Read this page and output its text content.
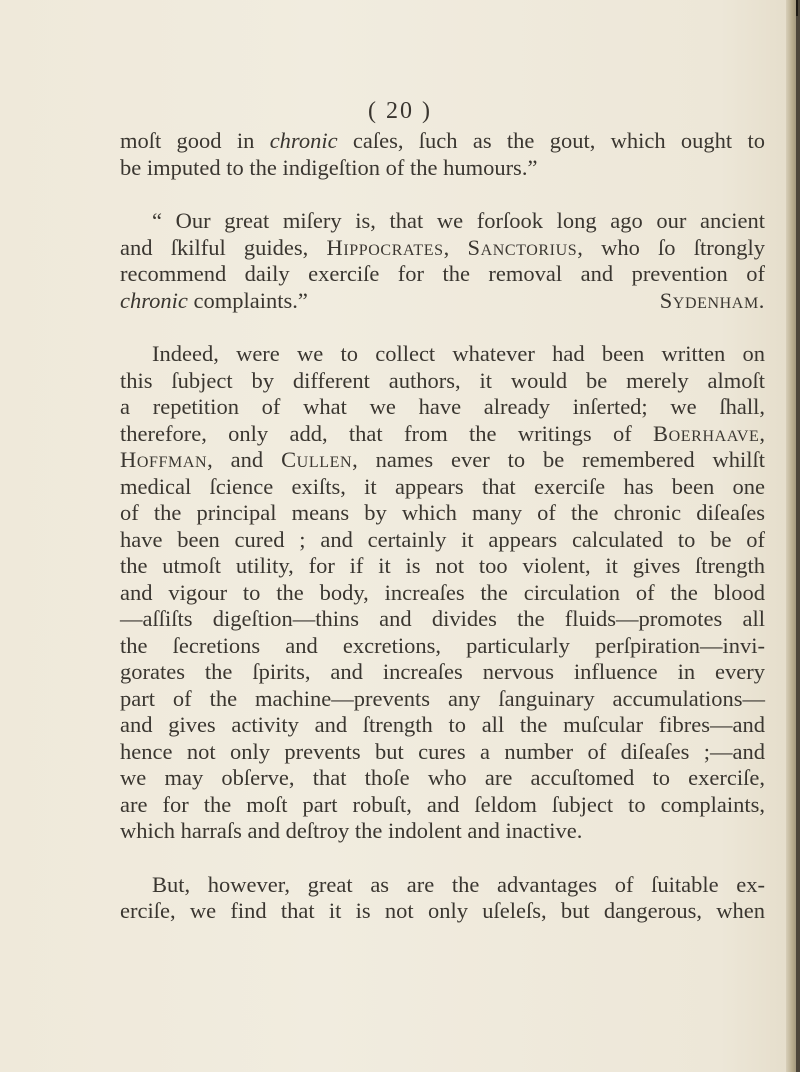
( 20 )
moſt good in chronic caſes, ſuch as the gout, which ought to
be imputed to the indigeſtion of the humours.”
“ Our great miſery is, that we forſook long ago our ancient
and ſkilful guides, Hippocrates, Sanctorius, who ſo ſtrongly
recommend daily exerciſe for the removal and prevention of
chronic complaints.”	Sydenham.
Indeed, were we to collect whatever had been written on
this ſubject by different authors, it would be merely almoſt
a repetition of what we have already inſerted; we ſhall,
therefore, only add, that from the writings of Boerhaave,
Hoffman, and Cullen, names ever to be remembered whilſt
medical ſcience exiſts, it appears that exerciſe has been one
of the principal means by which many of the chronic diſeaſes
have been cured ; and certainly it appears calculated to be of
the utmoſt utility, for if it is not too violent, it gives ſtrength
and vigour to the body, increaſes the circulation of the blood
—aſſiſts digeſtion—thins and divides the fluids—promotes all
the ſecretions and excretions, particularly perſpiration—invi-
gorates the ſpirits, and increaſes nervous influence in every
part of the machine—prevents any ſanguinary accumulations—
and gives activity and ſtrength to all the muſcular fibres—and
hence not only prevents but cures a number of diſeaſes ;—and
we may obſerve, that thoſe who are accuſtomed to exerciſe,
are for the moſt part robuſt, and ſeldom ſubject to complaints,
which harraſs and deſtroy the indolent and inactive.
But, however, great as are the advantages of ſuitable ex-
erciſe, we find that it is not only uſeleſs, but dangerous, when
